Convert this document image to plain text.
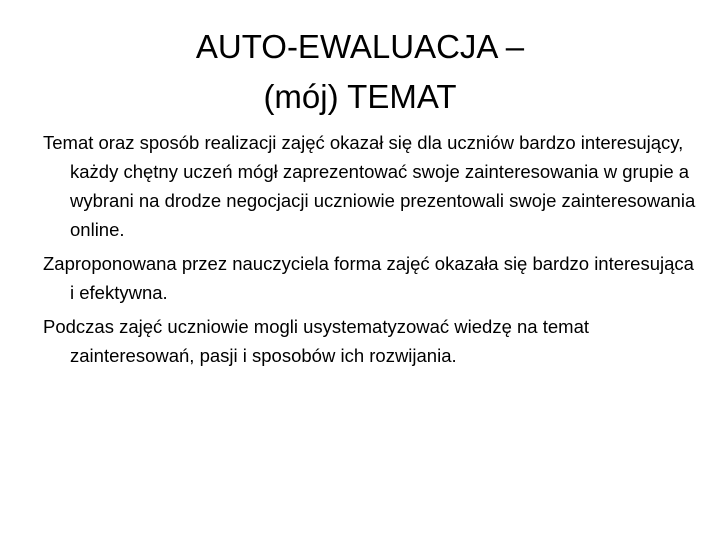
AUTO-EWALUACJA –
(mój) TEMAT

Temat oraz sposób realizacji zajęć okazał się dla uczniów bardzo interesujący, każdy chętny uczeń mógł zaprezentować swoje zainteresowania w grupie a wybrani na drodze negocjacji uczniowie prezentowali swoje zainteresowania online.

Zaproponowana przez nauczyciela forma zajęć okazała się bardzo interesująca i efektywna.

Podczas zajęć uczniowie mogli usystematyzować wiedzę na temat zainteresowań, pasji i sposobów ich rozwijania.
